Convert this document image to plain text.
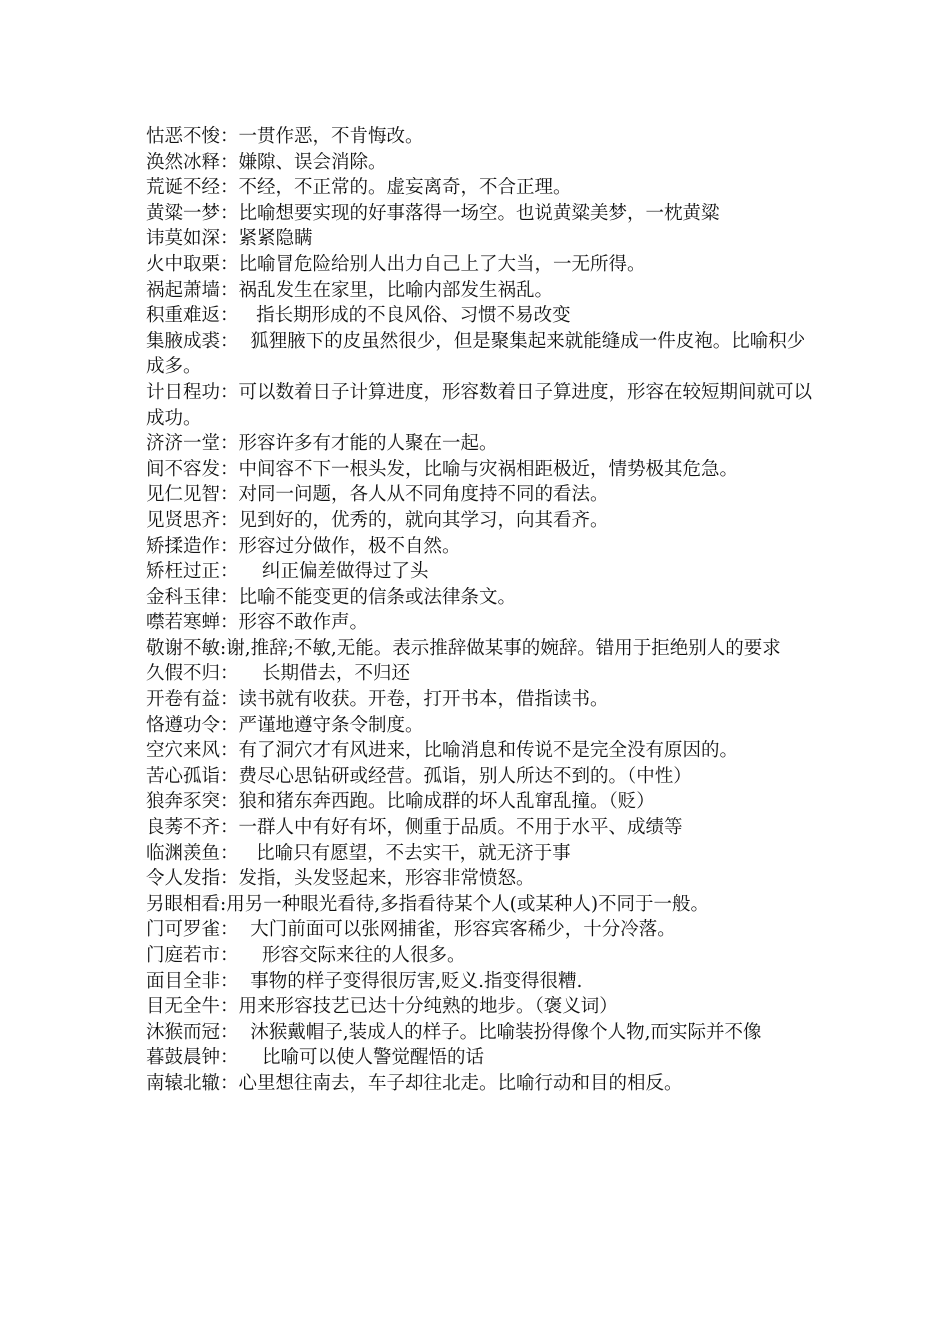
怙恶不悛：一贯作恶，不肯悔改。

涣然冰释：嫌隙、误会消除。

荒诞不经：不经，不正常的。虚妄离奇，不合正理。

黄粱一梦：比喻想要实现的好事落得一场空。也说黄粱美梦，一枕黄粱

讳莫如深：紧紧隐瞒

火中取栗：比喻冒危险给别人出力自己上了大当，一无所得。

祸起萧墙：祸乱发生在家里，比喻内部发生祸乱。

积重难返：   指长期形成的不良风俗、习惯不易改变

集腋成裘：  狐狸腋下的皮虽然很少，但是聚集起来就能缝成一件皮袍。比喻积少成多。

计日程功：可以数着日子计算进度，形容数着日子算进度，形容在较短期间就可以成功。

济济一堂：形容许多有才能的人聚在一起。

间不容发：中间容不下一根头发，比喻与灾祸相距极近，情势极其危急。

见仁见智：对同一问题，各人从不同角度持不同的看法。

见贤思齐：见到好的，优秀的，就向其学习，向其看齐。

矫揉造作：形容过分做作，极不自然。

矫枉过正：    纠正偏差做得过了头

金科玉律：比喻不能变更的信条或法律条文。

噤若寒蝉：形容不敢作声。

敬谢不敏:谢,推辞;不敏,无能。表示推辞做某事的婉辞。错用于拒绝别人的要求

久假不归：    长期借去，不归还

开卷有益：读书就有收获。开卷，打开书本，借指读书。

恪遵功令：严谨地遵守条令制度。

空穴来风：有了洞穴才有风进来，比喻消息和传说不是完全没有原因的。

苦心孤诣：费尽心思钻研或经营。孤诣，别人所达不到的。（中性）

狼奔豕突：狼和猪东奔西跑。比喻成群的坏人乱窜乱撞。（贬）

良莠不齐：一群人中有好有坏，侧重于品质。不用于水平、成绩等

临渊羡鱼：   比喻只有愿望，不去实干，就无济于事

令人发指：发指，头发竖起来，形容非常愤怒。

另眼相看:用另一种眼光看待,多指看待某个人(或某种人)不同于一般。

门可罗雀：  大门前面可以张网捕雀，形容宾客稀少，十分冷落。

门庭若市：    形容交际来往的人很多。

面目全非：  事物的样子变得很厉害,贬义.指变得很糟.

目无全牛：用来形容技艺已达十分纯熟的地步。（褒义词）

沐猴而冠：  沐猴戴帽子,装成人的样子。比喻装扮得像个人物,而实际并不像

暮鼓晨钟：    比喻可以使人警觉醒悟的话

南辕北辙：心里想往南去，车子却往北走。比喻行动和目的相反。
